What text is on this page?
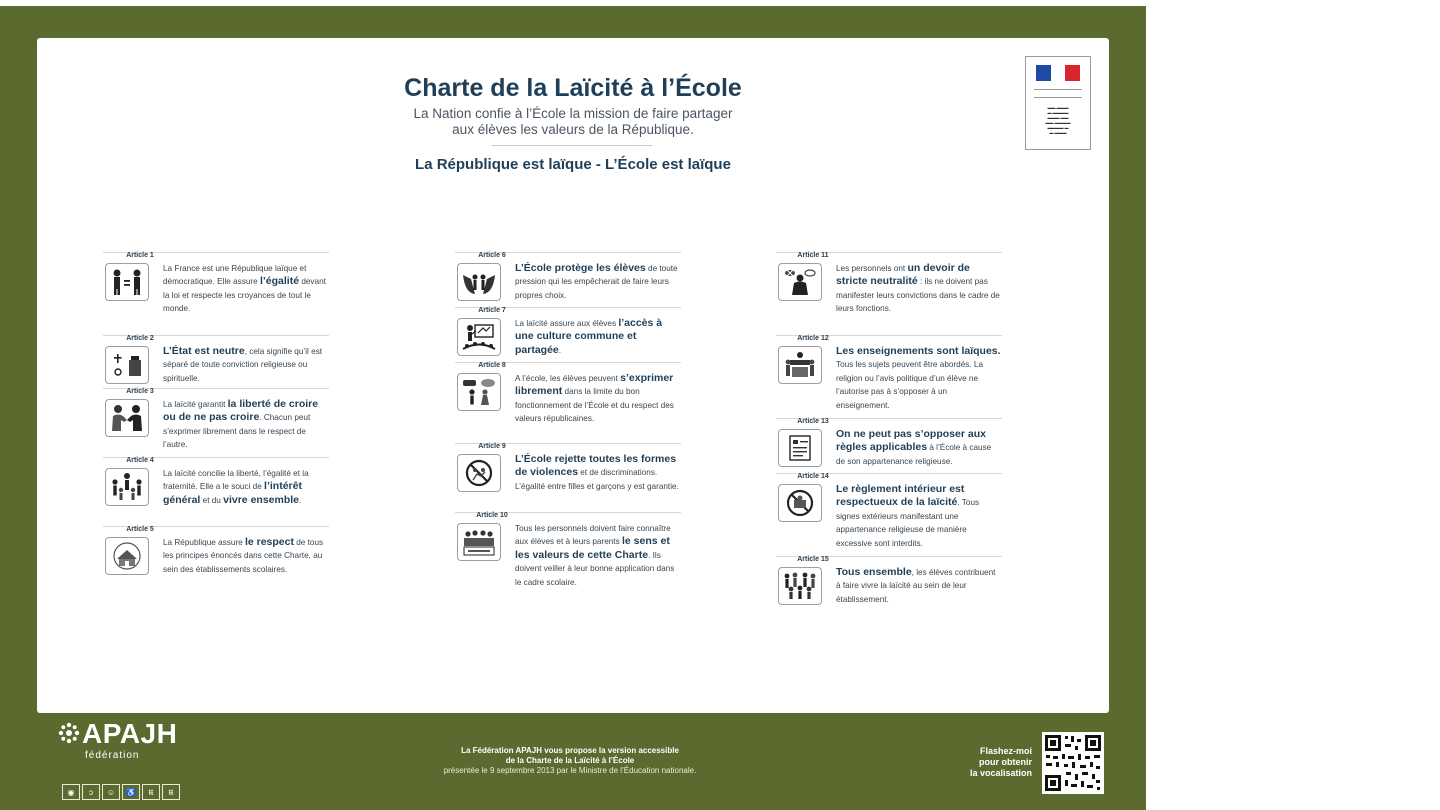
Charte de la Laïcité à l’École
La Nation confie à l’École la mission de faire partager
aux élèves les valeurs de la République.
La République est laïque - L’École est laïque
▬▬ ▬▬▬
▬ ▬▬▬▬
▬▬▬ ▬▬
▬▬ ▬▬▬▬
▬▬▬▬ ▬
▬ ▬▬▬
Article 1
La France est une République laïque et démocratique. Elle assure l’égalité devant la loi et respecte les croyances de tout le monde.
Article 2
L’État est neutre, cela signifie qu’il est séparé de toute conviction religieuse ou spirituelle.
Article 3
La laïcité garantit la liberté de croire ou de ne pas croire. Chacun peut s’exprimer librement dans le respect de l’autre.
Article 4
La laïcité concilie la liberté, l’égalité et la fraternité. Elle a le souci de l’intérêt général et du vivre ensemble.
Article 5
La République assure le respect de tous les principes énoncés dans cette Charte, au sein des établissements scolaires.
Article 6
L’École protège les élèves de toute pression qui les empêcherait de faire leurs propres choix.
Article 7
La laïcité assure aux élèves l’accès à une culture commune et partagée.
Article 8
A l’école, les élèves peuvent s’exprimer librement dans la limite du bon fonctionnement de l’École et du respect des valeurs républicaines.
Article 9
L’École rejette toutes les formes de violences et de discriminations. L’égalité entre filles et garçons y est garantie.
Article 10
Tous les personnels doivent faire connaître aux élèves et à leurs parents le sens et les valeurs de cette Charte. Ils doivent veiller à leur bonne application dans le cadre scolaire.
Article 11
Les personnels ont un devoir de stricte neutralité : ils ne doivent pas manifester leurs convictions dans le cadre de leurs fonctions.
Article 12
Les enseignements sont laïques. Tous les sujets peuvent être abordés. La religion ou l’avis politique d’un élève ne l’autorise pas à s’opposer à un enseignement.
Article 13
On ne peut pas s’opposer aux règles applicables à l’École à cause de son appartenance religieuse.
Article 14
Le règlement intérieur est respectueux de la laïcité. Tous signes extérieurs manifestant une appartenance religieuse de manière excessive sont interdits.
Article 15
Tous ensemble, les élèves contribuent à faire vivre la laïcité au sein de leur établissement.
APAJH
fédération
◉	ↄ	☺	♿	ŧŧ	ŧŧ
La Fédération APAJH vous propose la version accessible
de la Charte de la Laïcité à l’École
présentée le 9 septembre 2013 par le Ministre de l’Éducation nationale.
Flashez-moi
pour obtenir
la vocalisation
